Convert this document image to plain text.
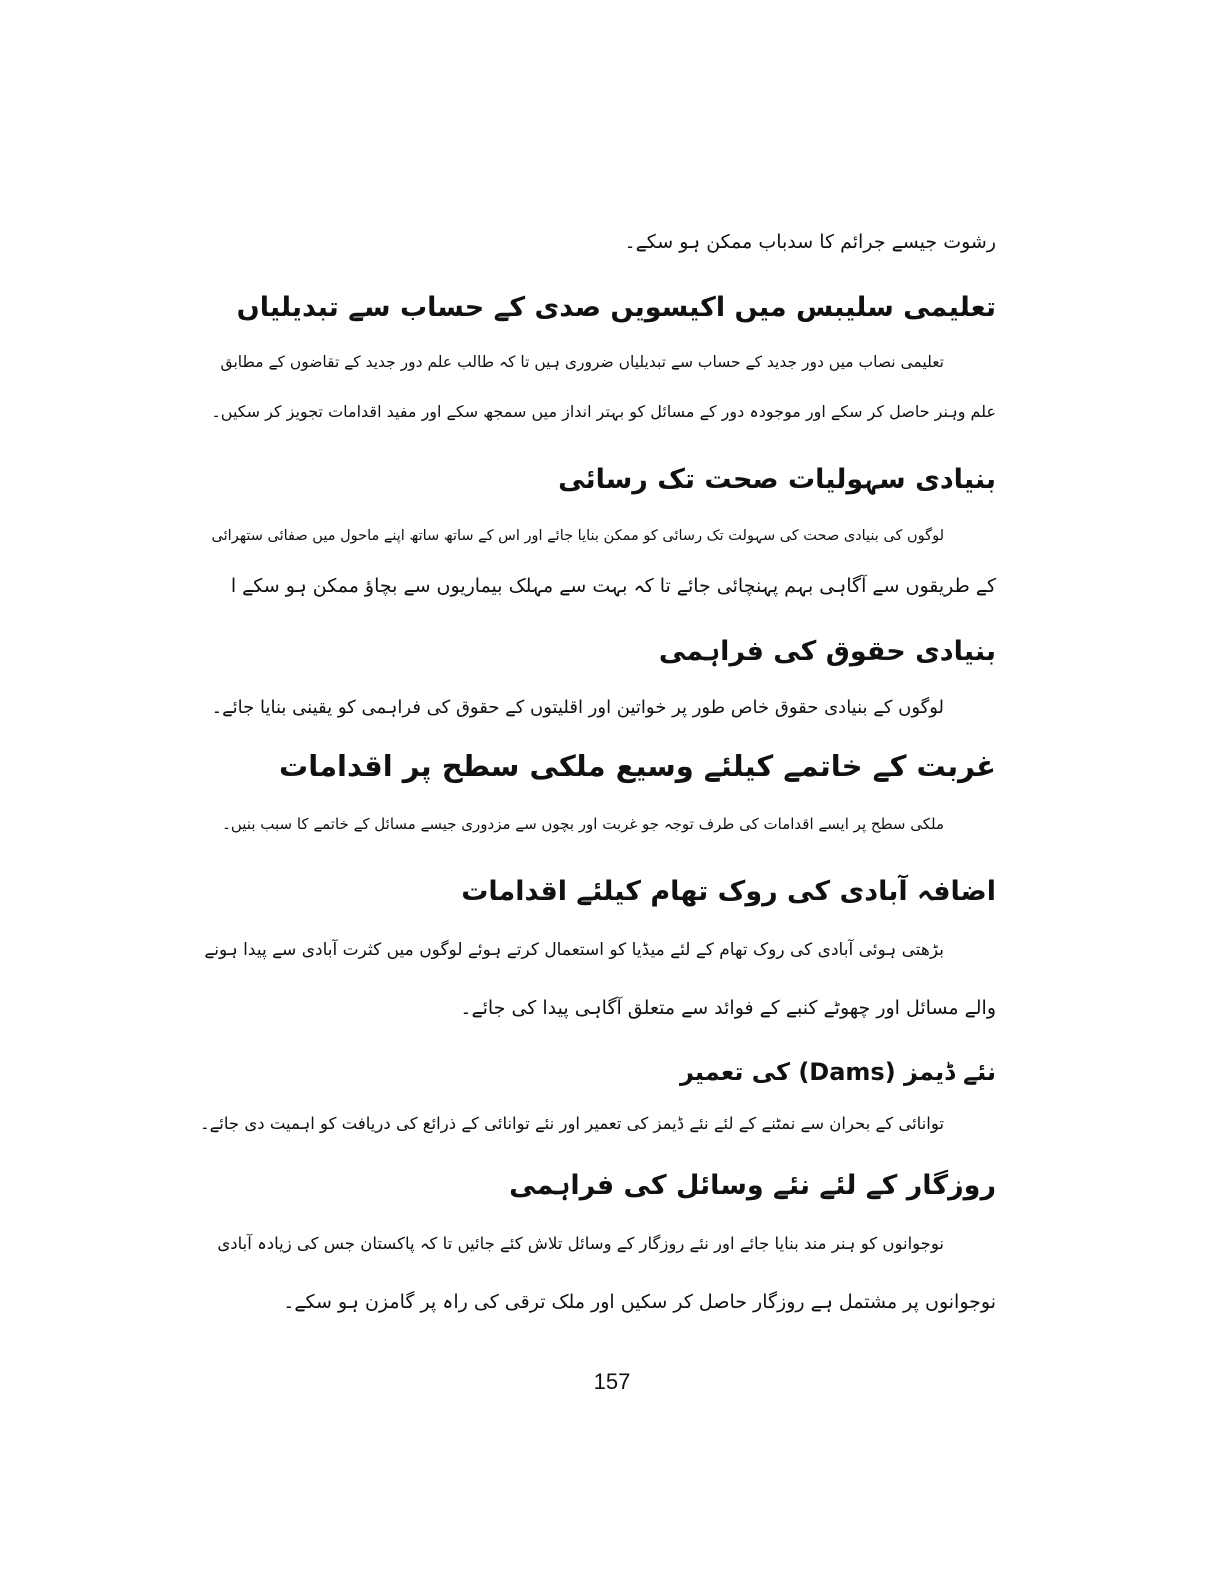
رشوت جیسے جرائم کا سدباب ممکن ہو سکے۔
تعلیمی سلیبس میں اکیسویں صدی کے حساب سے تبدیلیاں
تعلیمی نصاب میں دور جدید کے حساب سے تبدیلیاں ضروری ہیں تا کہ طالب علم دور جدید کے تقاضوں کے مطابق
علم وہنر حاصل کر سکے اور موجودہ دور کے مسائل کو بہتر انداز میں سمجھ سکے اور مفید اقدامات تجویز کر سکیں۔
بنیادی سہولیات صحت تک رسائی
لوگوں کی بنیادی صحت کی سہولت تک رسائی کو ممکن بنایا جائے اور اس کے ساتھ ساتھ اپنے ماحول میں صفائی ستھرائی
کے طریقوں سے آگاہی بہم پہنچائی جائے تا کہ بہت سے مہلک بیماریوں سے بچاؤ ممکن ہو سکے ا
بنیادی حقوق کی فراہمی
لوگوں کے بنیادی حقوق خاص طور پر خواتین اور اقلیتوں کے حقوق کی فراہمی کو یقینی بنایا جائے۔
غربت کے خاتمے کیلئے وسیع ملکی سطح پر اقدامات
ملکی سطح پر ایسے اقدامات کی طرف توجہ جو غربت اور بچوں سے مزدوری جیسے مسائل کے خاتمے کا سبب بنیں۔
اضافہ آبادی کی روک تھام کیلئے اقدامات
بڑھتی ہوئی آبادی کی روک تھام کے لئے میڈیا کو استعمال کرتے ہوئے لوگوں میں کثرت آبادی سے پیدا ہونے
والے مسائل اور چھوٹے کنبے کے فوائد سے متعلق آگاہی پیدا کی جائے۔
نئے ڈیمز (Dams) کی تعمیر
توانائی کے بحران سے نمٹنے کے لئے نئے ڈیمز کی تعمیر اور نئے توانائی کے ذرائع کی دریافت کو اہمیت دی جائے۔
روزگار کے لئے نئے وسائل کی فراہمی
نوجوانوں کو ہنر مند بنایا جائے اور نئے روزگار کے وسائل تلاش کئے جائیں تا کہ پاکستان جس کی زیادہ آبادی
نوجوانوں پر مشتمل ہے روزگار حاصل کر سکیں اور ملک ترقی کی راہ پر گامزن ہو سکے۔
157
